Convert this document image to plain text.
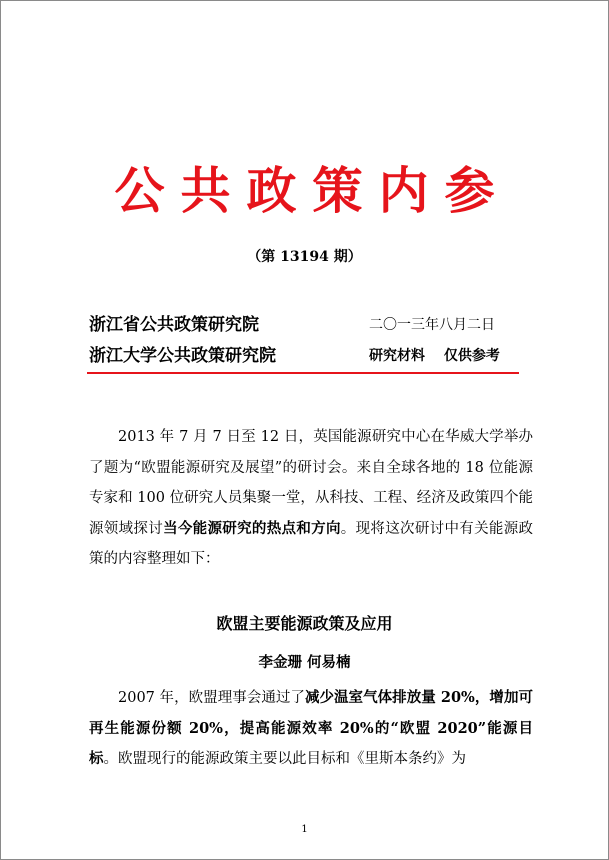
公共政策内参
（第 13194 期）
浙江省公共政策研究院	二〇一三年八月二日
浙江大学公共政策研究院	研究材料　 仅供参考

2013 年 7 月 7 日至 12 日，英国能源研究中心在华威大学举办了题为“欧盟能源研究及展望”的研讨会。来自全球各地的 18 位能源专家和 100 位研究人员集聚一堂，从科技、工程、经济及政策四个能源领域探讨当今能源研究的热点和方向。现将这次研讨中有关能源政策的内容整理如下：

欧盟主要能源政策及应用
李金珊 何易楠

2007 年，欧盟理事会通过了减少温室气体排放量 20%，增加可再生能源份额 20%，提高能源效率 20%的“欧盟 2020”能源目标。欧盟现行的能源政策主要以此目标和《里斯本条约》为

1
